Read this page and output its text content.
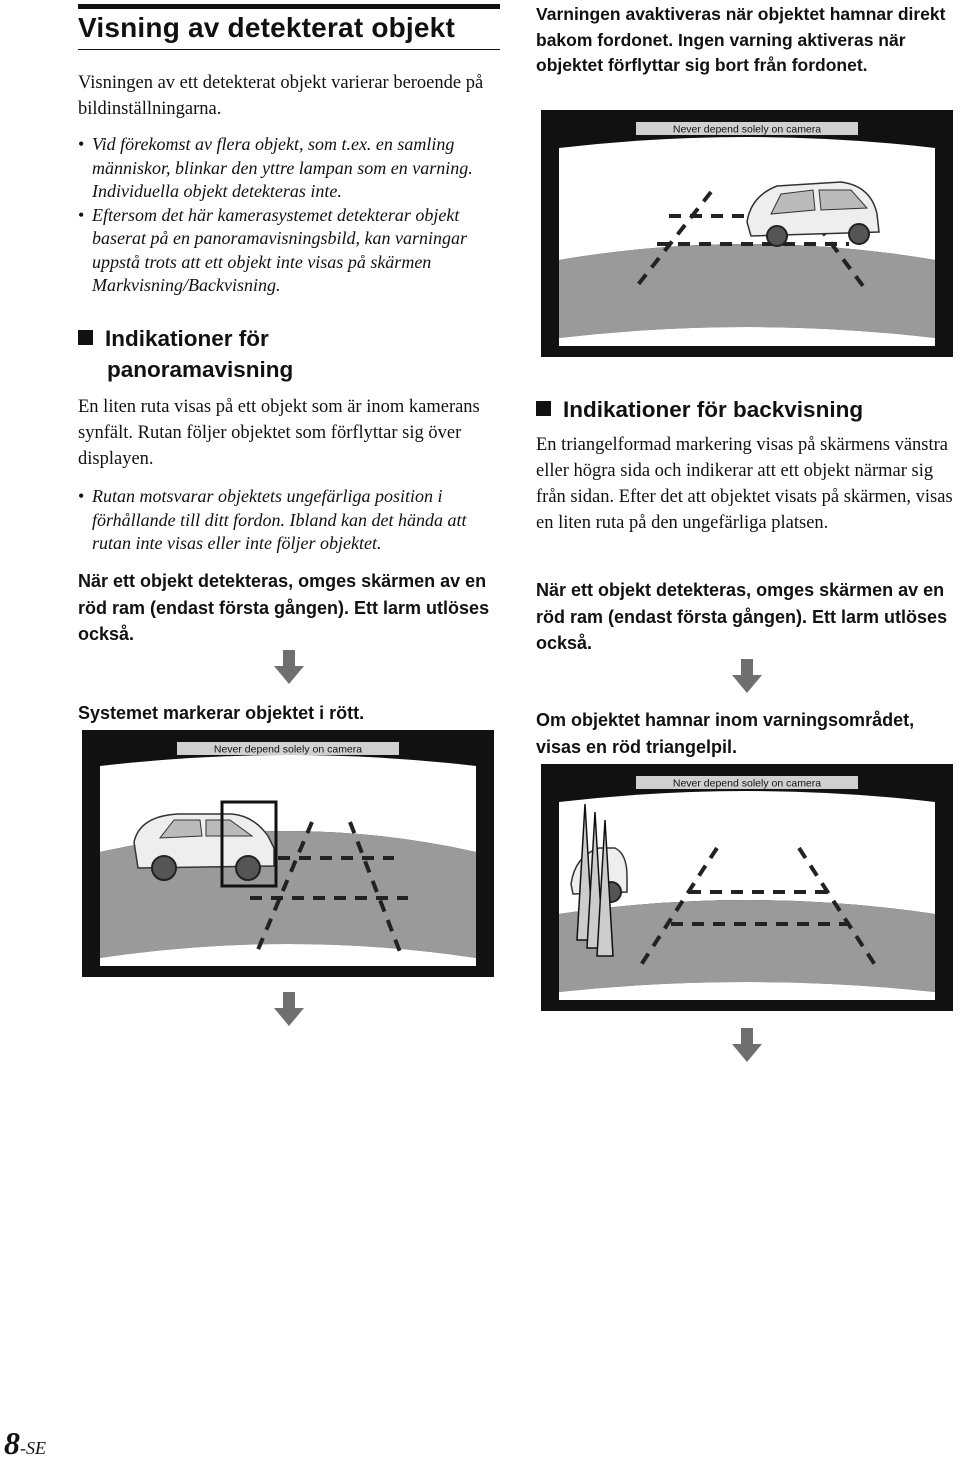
Visning av detekterat objekt
Visningen av ett detekterat objekt varierar beroende på bildinställningarna.
• Vid förekomst av flera objekt, som t.ex. en samling människor, blinkar den yttre lampan som en varning. Individuella objekt detekteras inte.
• Eftersom det här kamerasystemet detekterar objekt baserat på en panoramavisningsbild, kan varningar uppstå trots att ett objekt inte visas på skärmen Markvisning/Backvisning.
Indikationer för
panoramavisning
En liten ruta visas på ett objekt som är inom kamerans synfält. Rutan följer objektet som förflyttar sig över displayen.
• Rutan motsvarar objektets ungefärliga position i förhållande till ditt fordon. Ibland kan det hända att rutan inte visas eller inte följer objektet.
När ett objekt detekteras, omges skärmen av en röd ram (endast första gången). Ett larm utlöses också.
Systemet markerar objektet i rött.
Never depend solely on camera
Varningen avaktiveras när objektet hamnar direkt bakom fordonet. Ingen varning aktiveras när objektet förflyttar sig bort från fordonet.
Never depend solely on camera
Indikationer för backvisning
En triangelformad markering visas på skärmens vänstra eller högra sida och indikerar att ett objekt närmar sig från sidan. Efter det att objektet visats på skärmen, visas en liten ruta på den ungefärliga platsen.
När ett objekt detekteras, omges skärmen av en röd ram (endast första gången). Ett larm utlöses också.
Om objektet hamnar inom varningsområdet, visas en röd triangelpil.
Never depend solely on camera
8-SE
